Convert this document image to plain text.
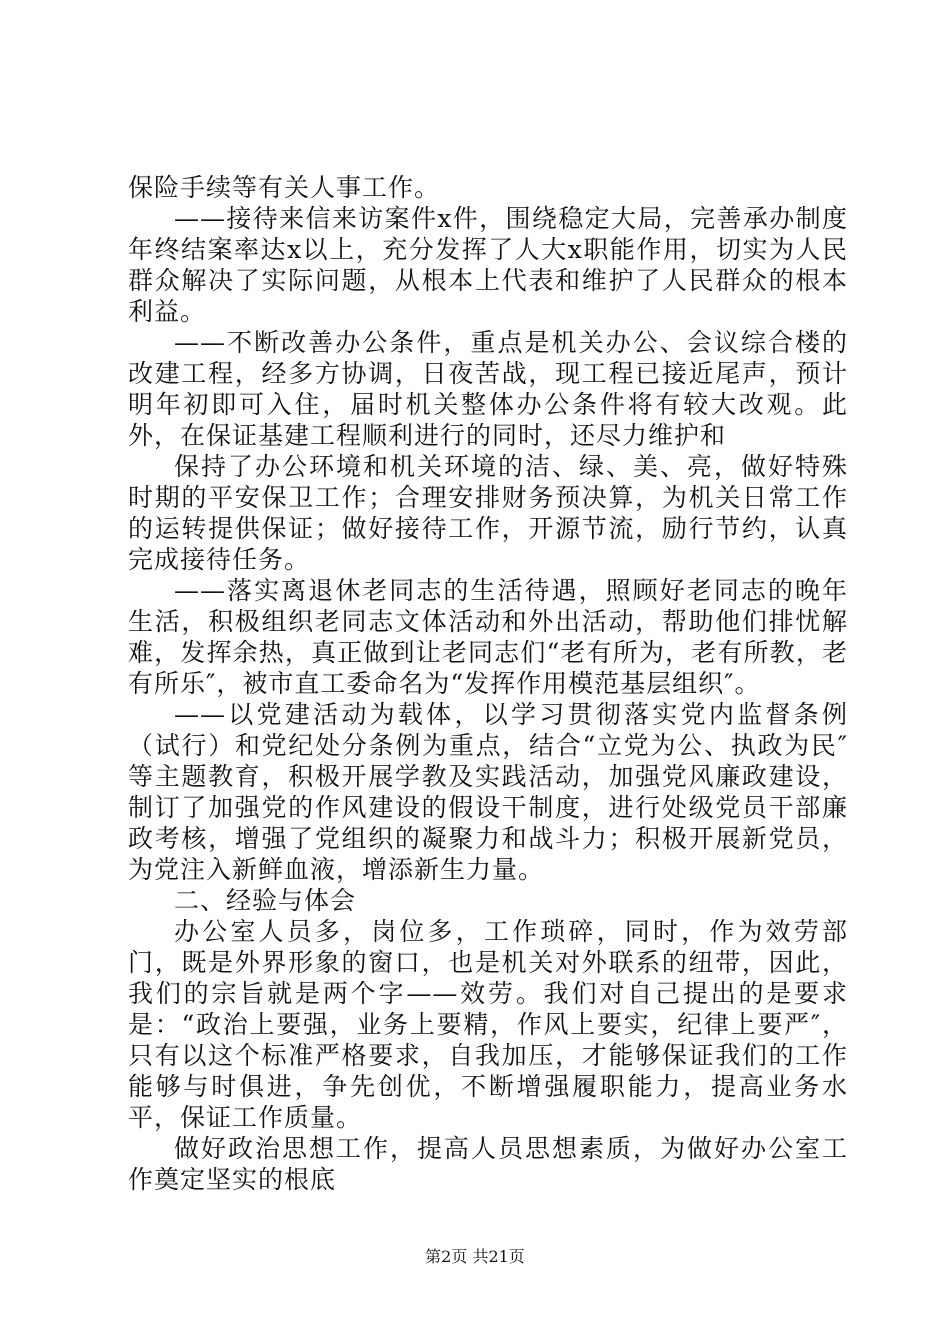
保险手续等有关人事工作。

——接待来信来访案件x件，围绕稳定大局，完善承办制度年终结案率达x以上，充分发挥了人大x职能作用，切实为人民群众解决了实际问题，从根本上代表和维护了人民群众的根本利益。

——不断改善办公条件，重点是机关办公、会议综合楼的改建工程，经多方协调，日夜苦战，现工程已接近尾声，预计明年初即可入住，届时机关整体办公条件将有较大改观。此外，在保证基建工程顺利进行的同时，还尽力维护和

保持了办公环境和机关环境的洁、绿、美、亮，做好特殊时期的平安保卫工作；合理安排财务预决算，为机关日常工作的运转提供保证；做好接待工作，开源节流，励行节约，认真完成接待任务。

——落实离退休老同志的生活待遇，照顾好老同志的晚年生活，积极组织老同志文体活动和外出活动，帮助他们排忧解难，发挥余热，真正做到让老同志们“老有所为，老有所教，老有所乐″，被市直工委命名为“发挥作用模范基层组织″。

——以党建活动为载体，以学习贯彻落实党内监督条例（试行）和党纪处分条例为重点，结合“立党为公、执政为民″等主题教育，积极开展学教及实践活动，加强党风廉政建设，制订了加强党的作风建设的假设干制度，进行处级党员干部廉政考核，增强了党组织的凝聚力和战斗力；积极开展新党员，为党注入新鲜血液，增添新生力量。

二、经验与体会

办公室人员多，岗位多，工作琐碎，同时，作为效劳部门，既是外界形象的窗口，也是机关对外联系的纽带，因此，我们的宗旨就是两个字——效劳。我们对自己提出的是要求是：“政治上要强，业务上要精，作风上要实，纪律上要严″，只有以这个标准严格要求，自我加压，才能够保证我们的工作能够与时俱进，争先创优，不断增强履职能力，提高业务水平，保证工作质量。

做好政治思想工作，提高人员思想素质，为做好办公室工作奠定坚实的根底

第2页 共21页
